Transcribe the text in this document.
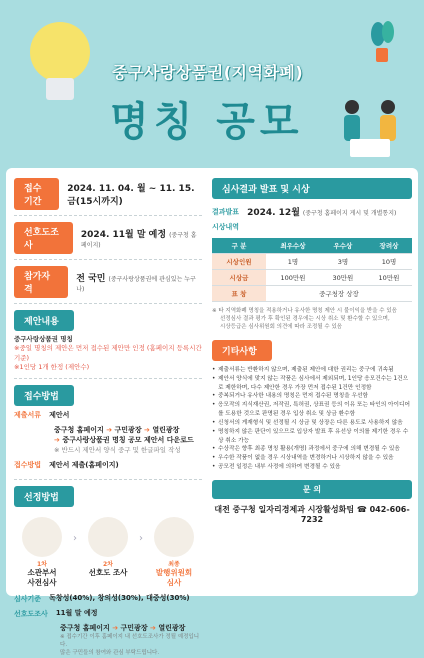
중구사랑상품권(지역화폐)
명칭 공모
접수기간
2024. 11. 04. 월 ~ 11. 15. 금(15시까지)
선호도조사
2024. 11월 말 예정 (중구청 홈페이지)
참가자격
전 국민 (중구사랑상품권에 관심있는 누구나)
제안내용
중구사랑상품권 명칭
※중일 명칭의 제안은 먼저 접수된 제안만 인정 (홈페이지 등록시간 기준)
※1인당 1개 한정 (제안수)
접수방법
제출서류 제안서
중구청 홈페이지 ➔ 구민광장 ➔ 열린광장
➔ 중구사랑상품권 명칭 공모 제안서 다운로드
※ 반드시 제안서 양식 중구 및 한글파일 작성
접수방법 제안서 제출(홈페이지)
선정방법
1차
소관부서
사전심사
›
2차
선호도 조사
›
최종
발행위원회
심사
심사기준 독창성(40%), 창의성(30%), 대중성(30%)
선호도조사 11월 말 예정
중구청 홈페이지 ➔ 구민광장 ➔ 열린광장
※ 접수기간 이후 홈페이지 내 선호도조사가 정될 예정입니다.
많은 구민들의 참여와 관심 부탁드립니다.
심사결과 발표 및 시상
결과발표 2024. 12월 (중구청 홈페이지 게시 및 개별통지)
시상내역
구 분	최우수상	우수상	장려상
시상인원	1명	3명	10명
시상금	100만원	30만원	10만원
표 창	중구청장 상장		
※ 타 지역화폐 명칭을 적용하거나 유사한 명칭 제안 시 불이익을 받을 수 있음
선정심사 결과 평가 후 확인된 경우에는 시상 취소 및 환수할 수 있으며,
시상등급은 심사위원회 의견에 따라 조정될 수 있음
기타사항
• 제출서류는 반환하지 않으며, 제출된 제안에 대한 권리는 중구에 귀속됨
• 제안서 양식에 맞지 않는 작품은 심사에서 제외되며, 1인당 응모건수는 1건으로 제한하며, 다수 제안한 경우 가장 먼저 접수된 1건만 인정함
• 중복되거나 유사한 내용의 명칭은 먼저 접수된 명칭을 우선함
• 응모작의 지식재산권, 저작권, 특허권, 상표권 등의 이유 또는 타인의 아이디어를 도용한 것으로 판명된 경우 입상 취소 및 상금 환수함
• 신청서의 게재형식 및 선정될 시 상금 및 상장은 다른 용도로 사용하지 않음
• 명칭하지 않은 판단이 있으므로 입상자 발표 후 유선상 이의를 제기한 경우 수상 취소 가능
• 수상작은 향후 최종 명칭 활용(개명) 과정에서 중구에 의해 변경될 수 있음
• 우수한 작품이 없을 경우 시상내역을 변경하거나 시상하지 않을 수 있음
• 공모전 일정은 내부 사정에 의하여 변경될 수 있음
문 의
대전 중구청 일자리경제과 시장활성화팀 ☎ 042-606-7232
